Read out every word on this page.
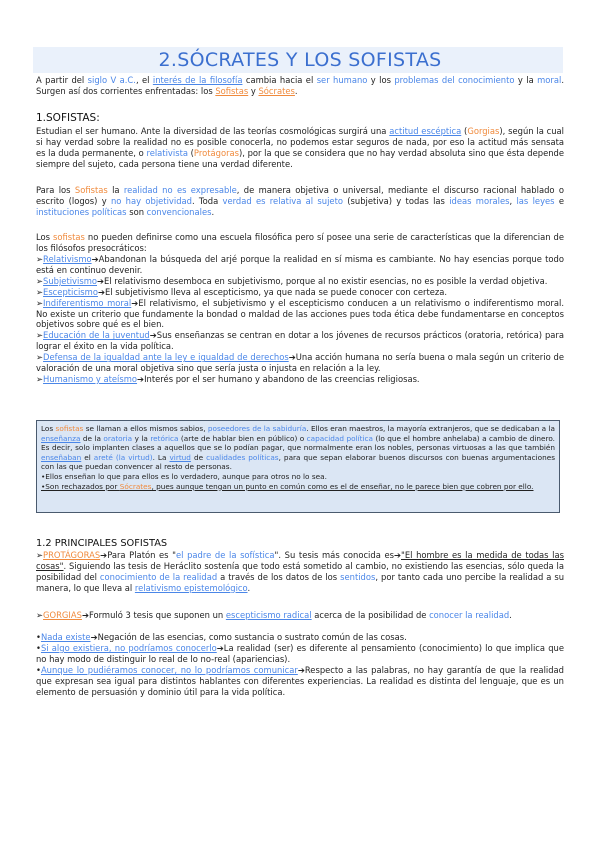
2.SÓCRATES Y LOS SOFISTAS
A partir del siglo V a.C., el interés de la filosofía cambia hacia el ser humano y los problemas del conocimiento y la moral. Surgen así dos corrientes enfrentadas: los Sofistas y Sócrates.
1.SOFISTAS:
Estudian el ser humano. Ante la diversidad de las teorías cosmológicas surgirá una actitud escéptica (Gorgias), según la cual si hay verdad sobre la realidad no es posible conocerla, no podemos estar seguros de nada, por eso la actitud más sensata es la duda permanente, o relativista (Protágoras), por la que se considera que no hay verdad absoluta sino que ésta depende siempre del sujeto, cada persona tiene una verdad diferente.
Para los Sofistas la realidad no es expresable, de manera objetiva o universal, mediante el discurso racional hablado o escrito (logos) y no hay objetividad. Toda verdad es relativa al sujeto (subjetiva) y todas las ideas morales, las leyes e instituciones políticas son convencionales.
Los sofistas no pueden definirse como una escuela filosófica pero sí posee una serie de características que la diferencian de los filósofos presocráticos:
➢Relativismo➔Abandonan la búsqueda del arjé porque la realidad en sí misma es cambiante. No hay esencias porque todo está en continuo devenir.
➢Subjetivismo➔El relativismo desemboca en subjetivismo, porque al no existir esencias, no es posible la verdad objetiva.
➢Escepticismo➔El subjetivismo lleva al escepticismo, ya que nada se puede conocer con certeza.
➢Indiferentismo moral➔El relativismo, el subjetivismo y el escepticismo conducen a un relativismo o indiferentismo moral. No existe un criterio que fundamente la bondad o maldad de las acciones pues toda ética debe fundamentarse en conceptos objetivos sobre qué es el bien.
➢Educación de la juventud➔Sus enseñanzas se centran en dotar a los jóvenes de recursos prácticos (oratoria, retórica) para lograr el éxito en la vida política.
➢Defensa de la igualdad ante la ley e igualdad de derechos➔Una acción humana no sería buena o mala según un criterio de valoración de una moral objetiva sino que sería justa o injusta en relación a la ley.
➢Humanismo y ateísmo➔Interés por el ser humano y abandono de las creencias religiosas.
Los sofistas se llaman a ellos mismos sabios, poseedores de la sabiduría. Ellos eran maestros, la mayoría extranjeros, que se dedicaban a la enseñanza de la oratoria y la retórica (arte de hablar bien en público) o capacidad política (lo que el hombre anhelaba) a cambio de dinero. Es decir, solo implanten clases a aquellos que se lo podían pagar, que normalmente eran los nobles, personas virtuosas a las que también enseñaban el areté (la virtud). La virtud de cualidades políticas, para que sepan elaborar buenos discursos con buenas argumentaciones con las que puedan convencer al resto de personas.
•Ellos enseñan lo que para ellos es lo verdadero, aunque para otros no lo sea.
•Son rechazados por Sócrates, pues aunque tengan un punto en común como es el de enseñar, no le parece bien que cobren por ello.
1.2 PRINCIPALES SOFISTAS
➢PROTÁGORAS➔Para Platón es "el padre de la sofística". Su tesis más conocida es➔"El hombre es la medida de todas las cosas". Siguiendo las tesis de Heráclito sostenía que todo está sometido al cambio, no existiendo las esencias, sólo queda la posibilidad del conocimiento de la realidad a través de los datos de los sentidos, por tanto cada uno percibe la realidad a su manera, lo que lleva al relativismo epistemológico.
➢GORGIAS➔Formuló 3 tesis que suponen un escepticismo radical acerca de la posibilidad de conocer la realidad.
•Nada existe➔Negación de las esencias, como sustancia o sustrato común de las cosas.
•Si algo existiera, no podríamos conocerlo➔La realidad (ser) es diferente al pensamiento (conocimiento) lo que implica que no hay modo de distinguir lo real de lo no-real (apariencias).
•Aunque lo pudiéramos conocer, no lo podríamos comunicar➔Respecto a las palabras, no hay garantía de que la realidad que expresan sea igual para distintos hablantes con diferentes experiencias. La realidad es distinta del lenguaje, que es un elemento de persuasión y dominio útil para la vida política.
